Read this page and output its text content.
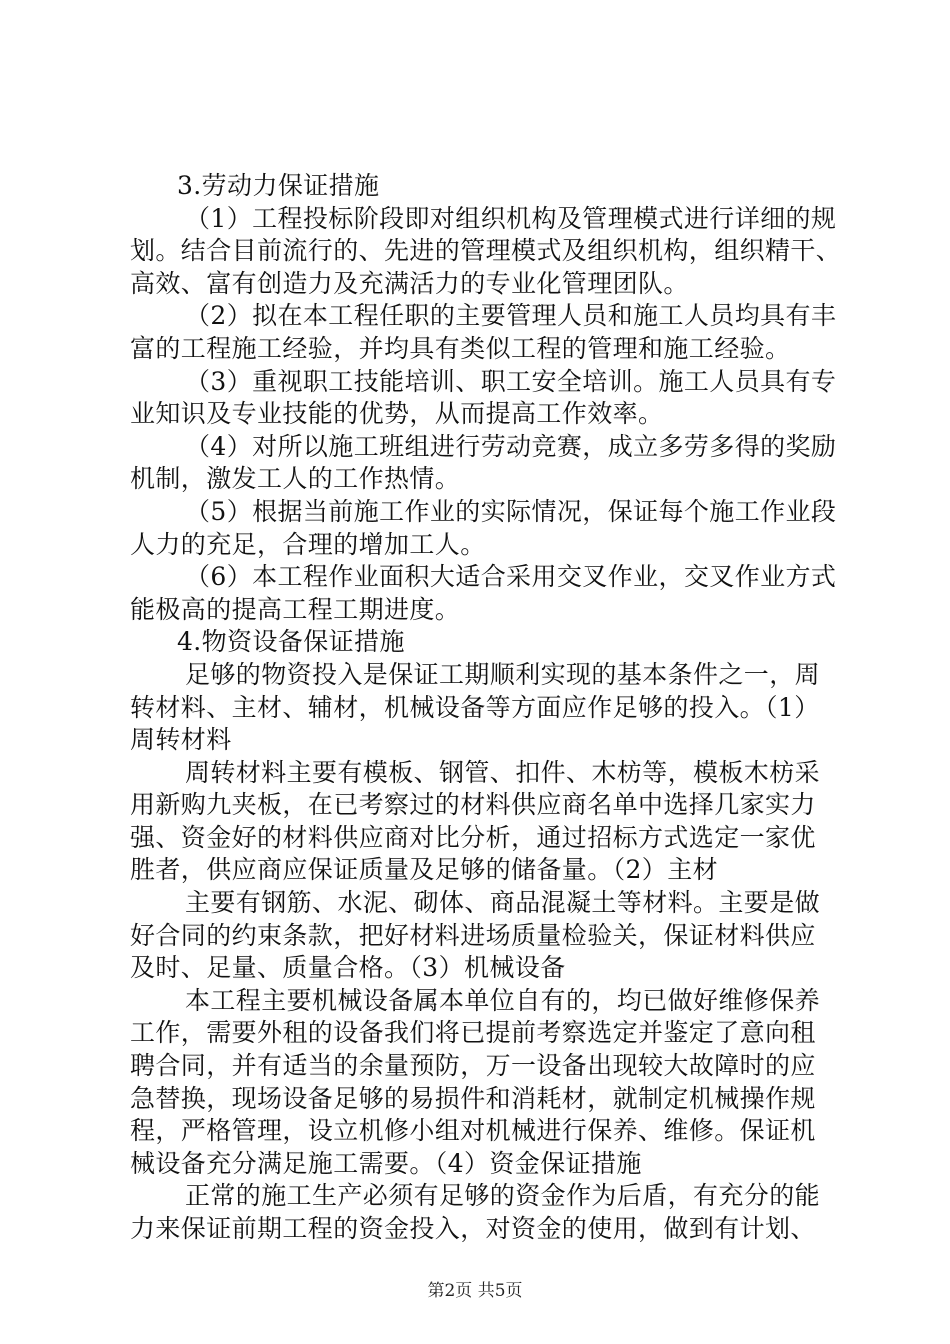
3.劳动力保证措施
（1）工程投标阶段即对组织机构及管理模式进行详细的规
划。结合目前流行的、先进的管理模式及组织机构，组织精干、
高效、富有创造力及充满活力的专业化管理团队。
（2）拟在本工程任职的主要管理人员和施工人员均具有丰
富的工程施工经验，并均具有类似工程的管理和施工经验。
（3）重视职工技能培训、职工安全培训。施工人员具有专
业知识及专业技能的优势，从而提高工作效率。
（4）对所以施工班组进行劳动竞赛，成立多劳多得的奖励
机制，激发工人的工作热情。
（5）根据当前施工作业的实际情况，保证每个施工作业段
人力的充足，合理的增加工人。
（6）本工程作业面积大适合采用交叉作业，交叉作业方式
能极高的提高工程工期进度。
4.物资设备保证措施
足够的物资投入是保证工期顺利实现的基本条件之一，周
转材料、主材、辅材，机械设备等方面应作足够的投入。（1）
周转材料
周转材料主要有模板、钢管、扣件、木枋等，模板木枋采
用新购九夹板，在已考察过的材料供应商名单中选择几家实力
强、资金好的材料供应商对比分析，通过招标方式选定一家优
胜者，供应商应保证质量及足够的储备量。（2）主材
主要有钢筋、水泥、砌体、商品混凝土等材料。主要是做
好合同的约束条款，把好材料进场质量检验关，保证材料供应
及时、足量、质量合格。（3）机械设备
本工程主要机械设备属本单位自有的，均已做好维修保养
工作，需要外租的设备我们将已提前考察选定并鉴定了意向租
聘合同，并有适当的余量预防，万一设备出现较大故障时的应
急替换，现场设备足够的易损件和消耗材，就制定机械操作规
程，严格管理，设立机修小组对机械进行保养、维修。保证机
械设备充分满足施工需要。（4）资金保证措施
正常的施工生产必须有足够的资金作为后盾，有充分的能
力来保证前期工程的资金投入，对资金的使用，做到有计划、
第2页 共5页
